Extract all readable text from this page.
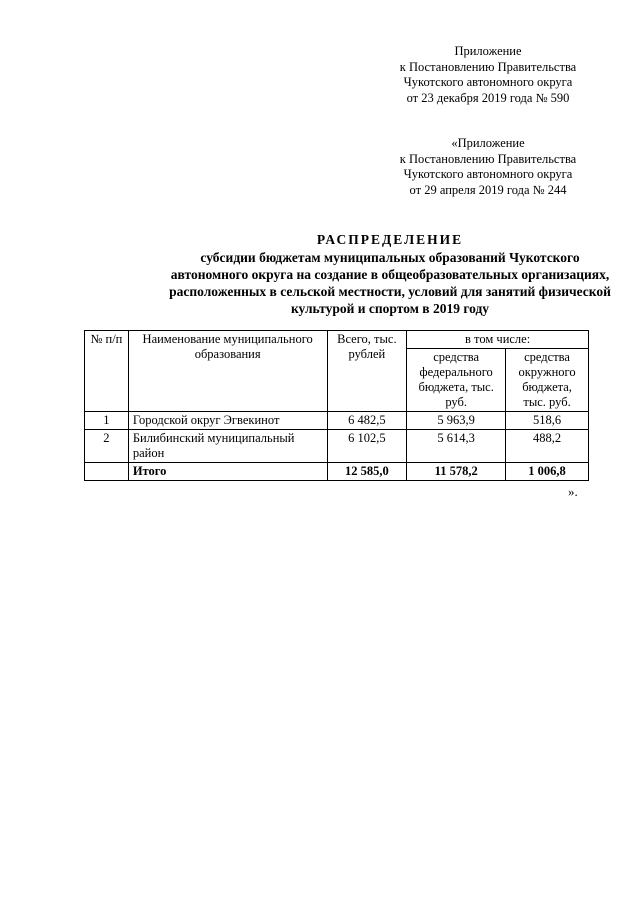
Приложение
к Постановлению Правительства
Чукотского автономного округа
от 23 декабря 2019 года № 590
«Приложение
к Постановлению Правительства
Чукотского автономного округа
от 29 апреля 2019 года № 244
РАСПРЕДЕЛЕНИЕ
субсидии бюджетам муниципальных образований Чукотского
автономного округа на создание в общеобразовательных организациях,
расположенных в сельской местности, условий для занятий физической
культурой и спортом в 2019 году
№ п/п	Наименование муниципального образования	Всего, тыс. рублей	в том числе:	
			средства федерального бюджета, тыс. руб.	средства окружного бюджета, тыс. руб.
1	Городской округ Эгвекинот	6 482,5	5 963,9	518,6
2	Билибинский муниципальный район	6 102,5	5 614,3	488,2
	Итого	12 585,0	11 578,2	1 006,8
».
